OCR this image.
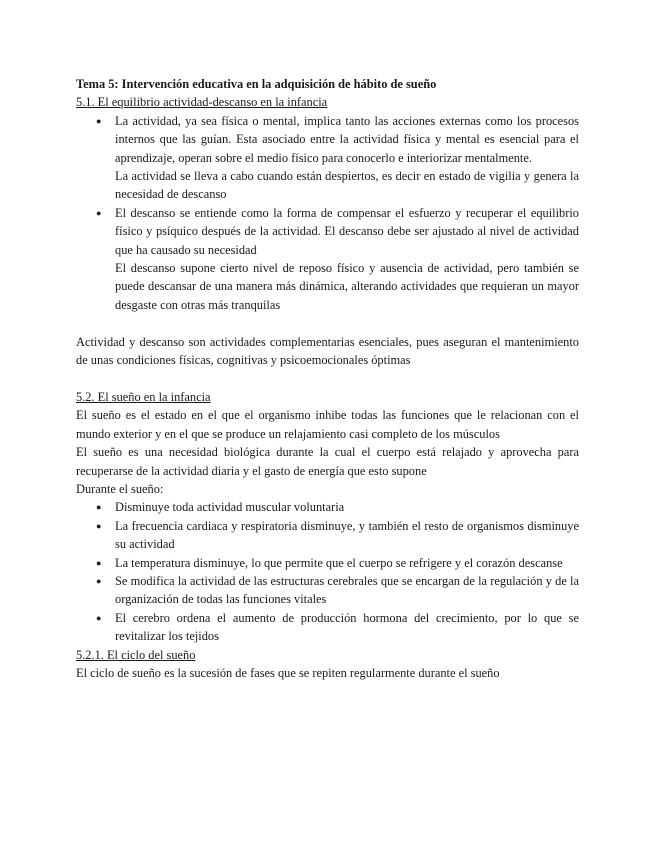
Tema 5: Intervención educativa en la adquisición de hábito de sueño

5.1. El equilibrio actividad-descanso en la infancia

● La actividad, ya sea física o mental, implica tanto las acciones externas como los procesos internos que las guían. Esta asociado entre la actividad física y mental es esencial para el aprendizaje, operan sobre el medio físico para conocerlo e interiorizar mentalmente.

La actividad se lleva a cabo cuando están despiertos, es decir en estado de vigilia y genera la necesidad de descanso

● El descanso se entiende como la forma de compensar el esfuerzo y recuperar el equilibrio físico y psíquico después de la actividad. El descanso debe ser ajustado al nivel de actividad que ha causado su necesidad

El descanso supone cierto nivel de reposo físico y ausencia de actividad, pero también se puede descansar de una manera más dinámica, alterando actividades que requieran un mayor desgaste con otras más tranquilas

Actividad y descanso son actividades complementarias esenciales, pues aseguran el mantenimiento de unas condiciones físicas, cognitivas y psicoemocionales óptimas

5.2. El sueño en la infancia

El sueño es el estado en el que el organismo inhibe todas las funciones que le relacionan con el mundo exterior y en el que se produce un relajamiento casi completo de los músculos

El sueño es una necesidad biológica durante la cual el cuerpo está relajado y aprovecha para recuperarse de la actividad diaria y el gasto de energía que esto supone

Durante el sueño:

● Disminuye toda actividad muscular voluntaria
● La frecuencia cardiaca y respiratoria disminuye, y también el resto de organismos disminuye su actividad
● La temperatura disminuye, lo que permite que el cuerpo se refrigere y el corazón descanse
● Se modifica la actividad de las estructuras cerebrales que se encargan de la regulación y de la organización de todas las funciones vitales
● El cerebro ordena el aumento de producción hormona del crecimiento, por lo que se revitalizar los tejidos

5.2.1. El ciclo del sueño

El ciclo de sueño es la sucesión de fases que se repiten regularmente durante el sueño
